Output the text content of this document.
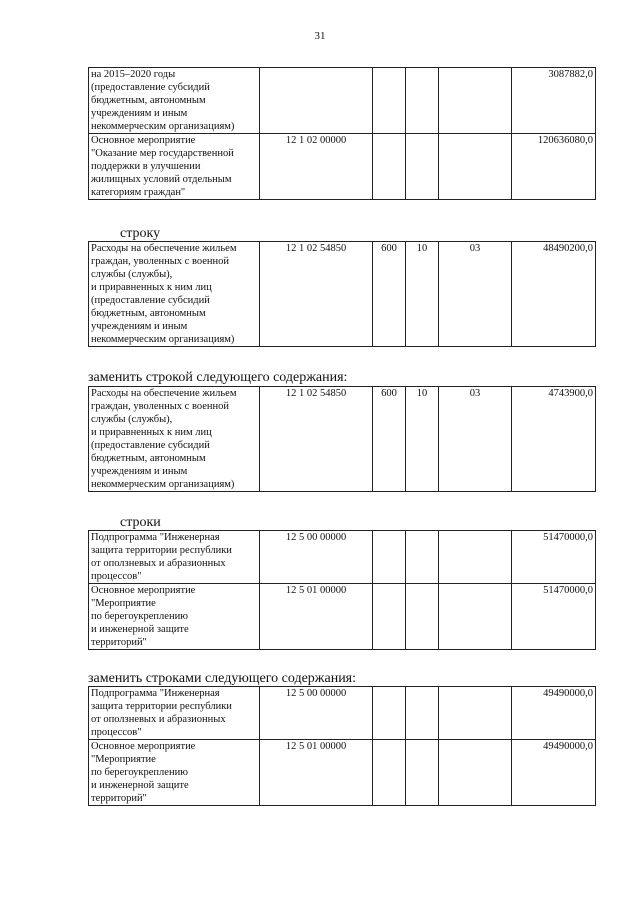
31
на 2015–2020 годы
(предоставление субсидий
бюджетным, автономным
учреждениям и иным
некоммерческим организациям)					3087882,0

Основное мероприятие
"Оказание мер государственной
поддержки в улучшении
жилищных условий отдельным
категориям граждан"	12 1 02 00000				120636080,0
строку
Расходы на обеспечение жильем
граждан, уволенных с военной
службы (службы),
и приравненных к ним лиц
(предоставление субсидий
бюджетным, автономным
учреждениям и иным
некоммерческим организациям)
	12 1 02 54850	600	10	03	48490200,0
заменить строкой следующего содержания:
Расходы на обеспечение жильем
граждан, уволенных с военной
службы (службы),
и приравненных к ним лиц
(предоставление субсидий
бюджетным, автономным
учреждениям и иным
некоммерческим организациям)
	12 1 02 54850	600	10	03	4743900,0
строки
Подпрограмма "Инженерная
защита территории республики
от оползневых и абразионных
процессов"	12 5 00 00000				51470000,0

Основное мероприятие
"Мероприятие
по берегоукреплению
и инженерной защите
территорий"	12 5 01 00000				51470000,0
заменить строками следующего содержания:
Подпрограмма "Инженерная
защита территории республики
от оползневых и абразионных
процессов"	12 5 00 00000				49490000,0

Основное мероприятие
"Мероприятие
по берегоукреплению
и инженерной защите
территорий"	12 5 01 00000				49490000,0
